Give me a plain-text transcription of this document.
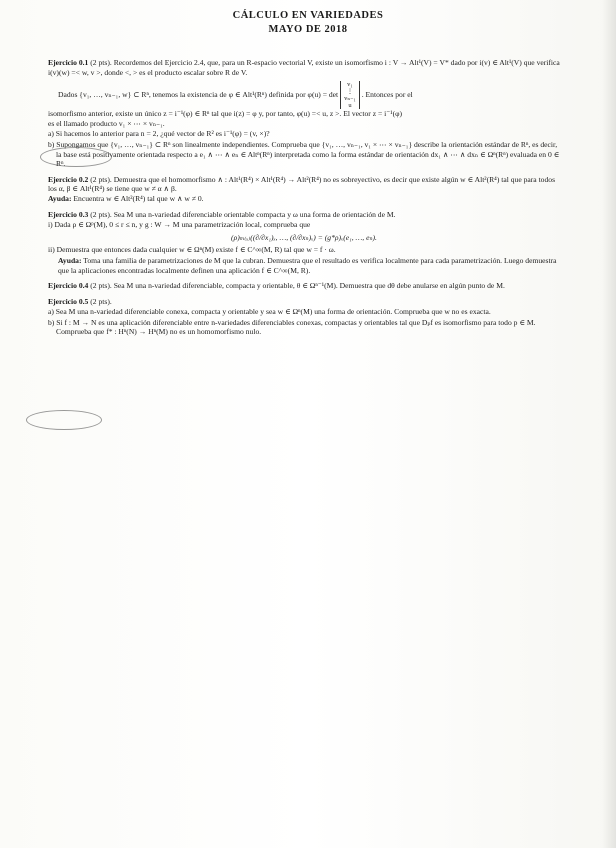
CÁLCULO EN VARIEDADES
MAYO DE 2018

Ejercicio 0.1 (2 pts). Recordemos del Ejercicio 2.4, que, para un R-espacio vectorial V, existe un isomorfismo i : V → Alt¹(V) = V* dado por i(v) ∈ Alt¹(V) que verifica i(v)(w) =< w, v >, donde <, > es el producto escalar sobre R de V.

Dados {v₁, …, vₙ₋₁, w} ⊂ Rⁿ, tenemos la existencia de φ ∈ Alt¹(Rⁿ) definida por φ(u) = det v₁
⋮
vₙ₋₁
u . Entonces por el

isomorfismo anterior, existe un único z = i⁻¹(φ) ∈ Rⁿ tal que i(z) = φ y, por tanto, φ(u) =< u, z >. El vector z = i⁻¹(φ)

es el llamado producto v₁ × ⋯ × vₙ₋₁.

a) Si hacemos lo anterior para n = 2, ¿qué vector de R² es i⁻¹(φ) = (v, ×)?

b) Supongamos que {v₁, …, vₙ₋₁} ⊂ Rⁿ son linealmente independientes. Comprueba que {v₁, …, vₙ₋₁, v₁ × ⋯ × vₙ₋₁} describe la orientación estándar de Rⁿ, es decir, la base está positivamente orientada respecto a e₁ ∧ ⋯ ∧ eₙ ∈ Altⁿ(Rⁿ) interpretada como la forma estándar de orientación dx₁ ∧ ⋯ ∧ dxₙ ∈ Ωⁿ(Rⁿ) evaluada en 0 ∈ Rⁿ.

Ejercicio 0.2 (2 pts). Demuestra que el homomorfismo ∧ : Alt¹(R⁴) × Alt¹(R⁴) → Alt²(R⁴) no es sobreyectivo, es decir que existe algún w ∈ Alt²(R⁴) tal que para todos los α, β ∈ Alt¹(R⁴) se tiene que w ≠ α ∧ β.

Ayuda: Encuentra w ∈ Alt²(R⁴) tal que w ∧ w ≠ 0.

Ejercicio 0.3 (2 pts). Sea M una n-variedad diferenciable orientable compacta y ω una forma de orientación de M.

i) Dada ρ ∈ Ωᵖ(M), 0 ≤ r ≤ n, y g : W → M una parametrización local, comprueba que

(ρ)ₘ₍ₓ₎((∂/∂x₁)ₓ, …, (∂/∂xₙ)ₓ) = (g*ρ)ₓ(e₁, …, eₙ).

ii) Demuestra que entonces dada cualquier w ∈ Ωⁿ(M) existe f ∈ C^∞(M, R) tal que w = f · ω.

Ayuda: Toma una familia de parametrizaciones de M que la cubran. Demuestra que el resultado es verifica localmente para cada parametrización. Luego demuestra que la aplicaciones encontradas localmente definen una aplicación f ∈ C^∞(M, R).

Ejercicio 0.4 (2 pts). Sea M una n-variedad diferenciable, compacta y orientable, θ ∈ Ωⁿ⁻¹(M). Demuestra que dθ debe anularse en algún punto de M.

Ejercicio 0.5 (2 pts).

a) Sea M una n-variedad diferenciable conexa, compacta y orientable y sea w ∈ Ωⁿ(M) una forma de orientación. Comprueba que w no es exacta.

b) Si f : M → N es una aplicación diferenciable entre n-variedades diferenciables conexas, compactas y orientables tal que Dₚf es isomorfismo para todo p ∈ M. Comprueba que f* : Hⁿ(N) → Hⁿ(M) no es un homomorfismo nulo.
